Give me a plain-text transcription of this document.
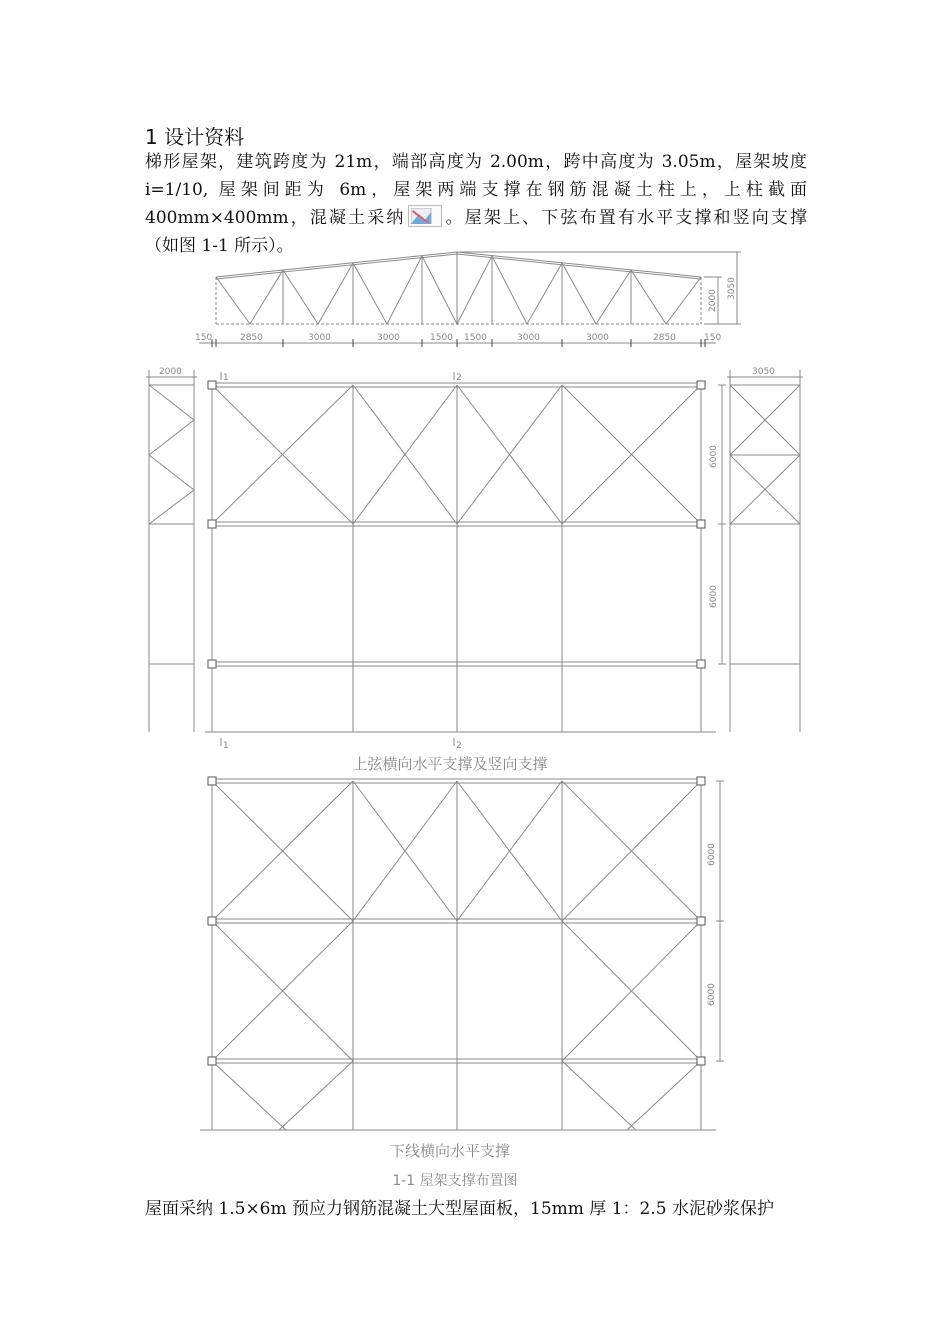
1 设计资料

梯形屋架，建筑跨度为 21m，端部高度为 2.00m，跨中高度为 3.05m，屋架坡度

i=1/10, 屋架间距为 6m，屋架两端支撑在钢筋混凝土柱上，上柱截面

400mm×400mm，混凝土采纳 。屋架上、下弦布置有水平支撑和竖向支撑

（如图 1-1 所示）。

150	2850	3000	3000	1500 1500	3000	3000	2850	150
2000
3050
2000	3050
1	2
1	2
6000
6000
上弦横向水平支撑及竖向支撑
6000
6000
下线横向水平支撑
1-1 屋架支撑布置图

屋面采纳 1.5×6m 预应力钢筋混凝土大型屋面板，15mm 厚 1：2.5 水泥砂浆保护
